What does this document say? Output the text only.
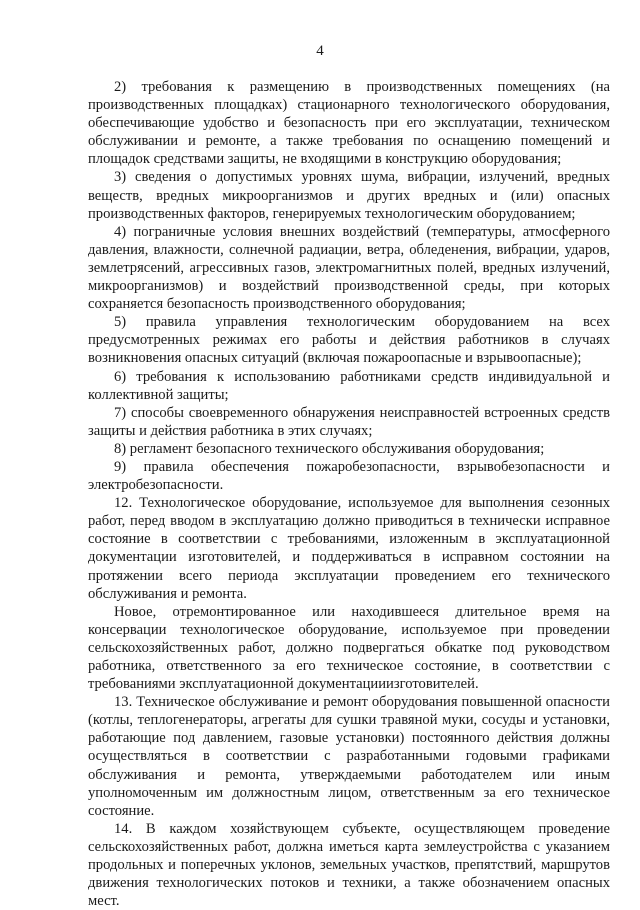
4

2) требования к размещению в производственных помещениях (на производственных площадках) стационарного технологического оборудования, обеспечивающие удобство и безопасность при его эксплуатации, техническом обслуживании и ремонте, а также требования по оснащению помещений и площадок средствами защиты, не входящими в конструкцию оборудования;

3) сведения о допустимых уровнях шума, вибрации, излучений, вредных веществ, вредных микроорганизмов и других вредных и (или) опасных производственных факторов, генерируемых технологическим оборудованием;

4) пограничные условия внешних воздействий (температуры, атмосферного давления, влажности, солнечной радиации, ветра, обледенения, вибрации, ударов, землетрясений, агрессивных газов, электромагнитных полей, вредных излучений, микроорганизмов) и воздействий производственной среды, при которых сохраняется безопасность производственного оборудования;

5) правила управления технологическим оборудованием на всех предусмотренных режимах его работы и действия работников в случаях возникновения опасных ситуаций (включая пожароопасные и взрывоопасные);

6) требования к использованию работниками средств индивидуальной и коллективной защиты;

7) способы своевременного обнаружения неисправностей встроенных средств защиты и действия работника в этих случаях;

8) регламент безопасного технического обслуживания оборудования;

9) правила обеспечения пожаробезопасности, взрывобезопасности и электробезопасности.

12. Технологическое оборудование, используемое для выполнения сезонных работ, перед вводом в эксплуатацию должно приводиться в технически исправное состояние в соответствии с требованиями, изложенным в эксплуатационной документации изготовителей, и поддерживаться в исправном состоянии на протяжении всего периода эксплуатации проведением его технического обслуживания и ремонта.

Новое, отремонтированное или находившееся длительное время на консервации технологическое оборудование, используемое при проведении сельскохозяйственных работ, должно подвергаться обкатке под руководством работника, ответственного за его техническое состояние, в соответствии с требованиями эксплуатационной документацииизготовителей.

13. Техническое обслуживание и ремонт оборудования повышенной опасности (котлы, теплогенераторы, агрегаты для сушки травяной муки, сосуды и установки, работающие под давлением, газовые установки) постоянного действия должны осуществляться в соответствии с разработанными годовыми графиками обслуживания и ремонта, утверждаемыми работодателем или иным уполномоченным им должностным лицом, ответственным за его техническое состояние.

14. В каждом хозяйствующем субъекте, осуществляющем проведение сельскохозяйственных работ, должна иметься карта землеустройства с указанием продольных и поперечных уклонов, земельных участков, препятствий, маршрутов движения технологических потоков и техники, а также обозначением опасных мест.
